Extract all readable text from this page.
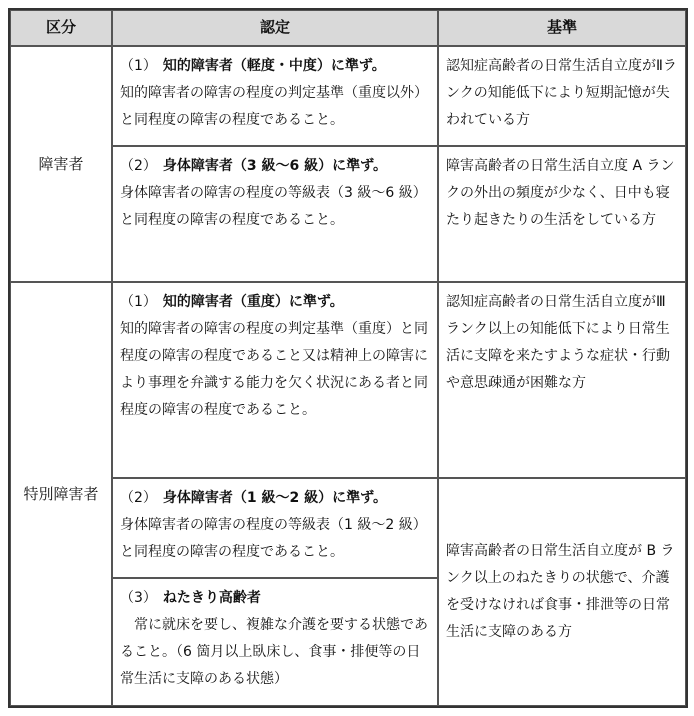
区分	認定	基準
障害者
（1） 知的障害者（軽度・中度）に準ず。
知的障害者の障害の程度の判定基準（重度以外）と同程度の障害の程度であること。
認知症高齢者の日常生活自立度がⅡランクの知能低下により短期記憶が失われている方
（2） 身体障害者（3 級～6 級）に準ず。
身体障害者の障害の程度の等級表（3 級～6 級）と同程度の障害の程度であること。
障害高齢者の日常生活自立度 A ランクの外出の頻度が少なく、日中も寝たり起きたりの生活をしている方
特別障害者
（1） 知的障害者（重度）に準ず。
知的障害者の障害の程度の判定基準（重度）と同程度の障害の程度であること又は精神上の障害により事理を弁識する能力を欠く状況にある者と同程度の障害の程度であること。
認知症高齢者の日常生活自立度がⅢランク以上の知能低下により日常生活に支障を来たすような症状・行動や意思疎通が困難な方
（2） 身体障害者（1 級～2 級）に準ず。
身体障害者の障害の程度の等級表（1 級～2 級）と同程度の障害の程度であること。
（3） ねたきり高齢者
常に就床を要し、複雑な介護を要する状態であること。（6 箇月以上臥床し、食事・排便等の日常生活に支障のある状態）
障害高齢者の日常生活自立度が B ランク以上のねたきりの状態で、介護を受けなければ食事・排泄等の日常生活に支障のある方
